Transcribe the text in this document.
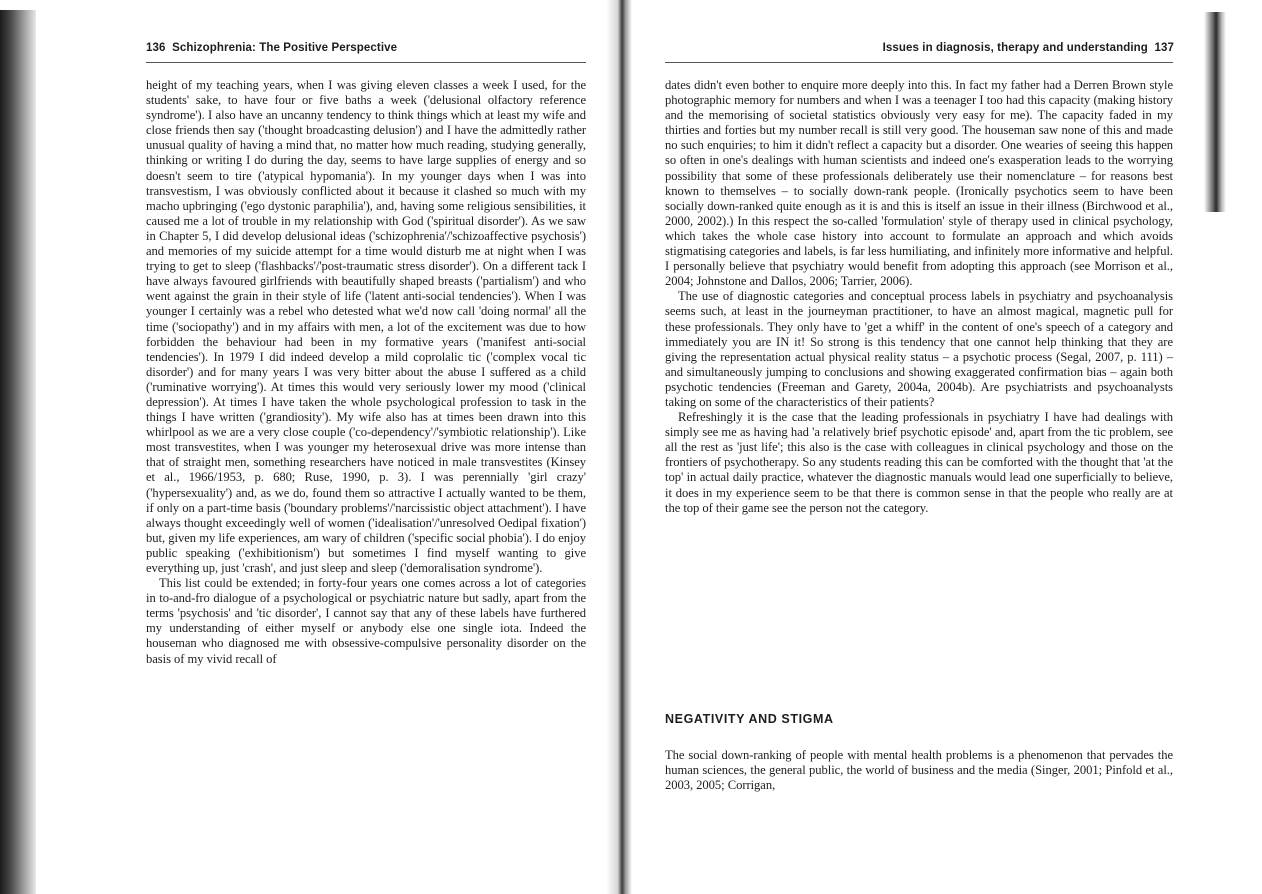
136 Schizophrenia: The Positive Perspective

height of my teaching years, when I was giving eleven classes a week I used, for the students' sake, to have four or five baths a week ('delusional olfactory reference syndrome'). I also have an uncanny tendency to think things which at least my wife and close friends then say ('thought broadcasting delusion') and I have the admittedly rather unusual quality of having a mind that, no matter how much reading, studying generally, thinking or writing I do during the day, seems to have large supplies of energy and so doesn't seem to tire ('atypical hypomania'). In my younger days when I was into transvestism, I was obviously conflicted about it because it clashed so much with my macho upbringing ('ego dystonic paraphilia'), and, having some religious sensibilities, it caused me a lot of trouble in my relationship with God ('spiritual disorder'). As we saw in Chapter 5, I did develop delusional ideas ('schizophrenia'/'schizoaffective psychosis') and memories of my suicide attempt for a time would disturb me at night when I was trying to get to sleep ('flashbacks'/'post-traumatic stress disorder'). On a different tack I have always favoured girlfriends with beautifully shaped breasts ('partialism') and who went against the grain in their style of life ('latent anti-social tendencies'). When I was younger I certainly was a rebel who detested what we'd now call 'doing normal' all the time ('sociopathy') and in my affairs with men, a lot of the excitement was due to how forbidden the behaviour had been in my formative years ('manifest anti-social tendencies'). In 1979 I did indeed develop a mild coprolalic tic ('complex vocal tic disorder') and for many years I was very bitter about the abuse I suffered as a child ('ruminative worrying'). At times this would very seriously lower my mood ('clinical depression'). At times I have taken the whole psychological profession to task in the things I have written ('grandiosity'). My wife also has at times been drawn into this whirlpool as we are a very close couple ('co-dependency'/'symbiotic relationship'). Like most transvestites, when I was younger my heterosexual drive was more intense than that of straight men, something researchers have noticed in male transvestites (Kinsey et al., 1966/1953, p. 680; Ruse, 1990, p. 3). I was perennially 'girl crazy' ('hypersexuality') and, as we do, found them so attractive I actually wanted to be them, if only on a part-time basis ('boundary problems'/'narcissistic object attachment'). I have always thought exceedingly well of women ('idealisation'/'unresolved Oedipal fixation') but, given my life experiences, am wary of children ('specific social phobia'). I do enjoy public speaking ('exhibitionism') but sometimes I find myself wanting to give everything up, just 'crash', and just sleep and sleep ('demoralisation syndrome').

This list could be extended; in forty-four years one comes across a lot of categories in to-and-fro dialogue of a psychological or psychiatric nature but sadly, apart from the terms 'psychosis' and 'tic disorder', I cannot say that any of these labels have furthered my understanding of either myself or anybody else one single iota. Indeed the houseman who diagnosed me with obsessive-compulsive personality disorder on the basis of my vivid recall of

Issues in diagnosis, therapy and understanding 137

dates didn't even bother to enquire more deeply into this. In fact my father had a Derren Brown style photographic memory for numbers and when I was a teenager I too had this capacity (making history and the memorising of societal statistics obviously very easy for me). The capacity faded in my thirties and forties but my number recall is still very good. The houseman saw none of this and made no such enquiries; to him it didn't reflect a capacity but a disorder. One wearies of seeing this happen so often in one's dealings with human scientists and indeed one's exasperation leads to the worrying possibility that some of these professionals deliberately use their nomenclature – for reasons best known to themselves – to socially down-rank people. (Ironically psychotics seem to have been socially down-ranked quite enough as it is and this is itself an issue in their illness (Birchwood et al., 2000, 2002).) In this respect the so-called 'formulation' style of therapy used in clinical psychology, which takes the whole case history into account to formulate an approach and which avoids stigmatising categories and labels, is far less humiliating, and infinitely more informative and helpful. I personally believe that psychiatry would benefit from adopting this approach (see Morrison et al., 2004; Johnstone and Dallos, 2006; Tarrier, 2006).

The use of diagnostic categories and conceptual process labels in psychiatry and psychoanalysis seems such, at least in the journeyman practitioner, to have an almost magical, magnetic pull for these professionals. They only have to 'get a whiff' in the content of one's speech of a category and immediately you are IN it! So strong is this tendency that one cannot help thinking that they are giving the representation actual physical reality status – a psychotic process (Segal, 2007, p. 111) – and simultaneously jumping to conclusions and showing exaggerated confirmation bias – again both psychotic tendencies (Freeman and Garety, 2004a, 2004b). Are psychiatrists and psychoanalysts taking on some of the characteristics of their patients?

Refreshingly it is the case that the leading professionals in psychiatry I have had dealings with simply see me as having had 'a relatively brief psychotic episode' and, apart from the tic problem, see all the rest as 'just life'; this also is the case with colleagues in clinical psychology and those on the frontiers of psychotherapy. So any students reading this can be comforted with the thought that 'at the top' in actual daily practice, whatever the diagnostic manuals would lead one superficially to believe, it does in my experience seem to be that there is common sense in that the people who really are at the top of their game see the person not the category.

NEGATIVITY AND STIGMA

The social down-ranking of people with mental health problems is a phenomenon that pervades the human sciences, the general public, the world of business and the media (Singer, 2001; Pinfold et al., 2003, 2005; Corrigan,
